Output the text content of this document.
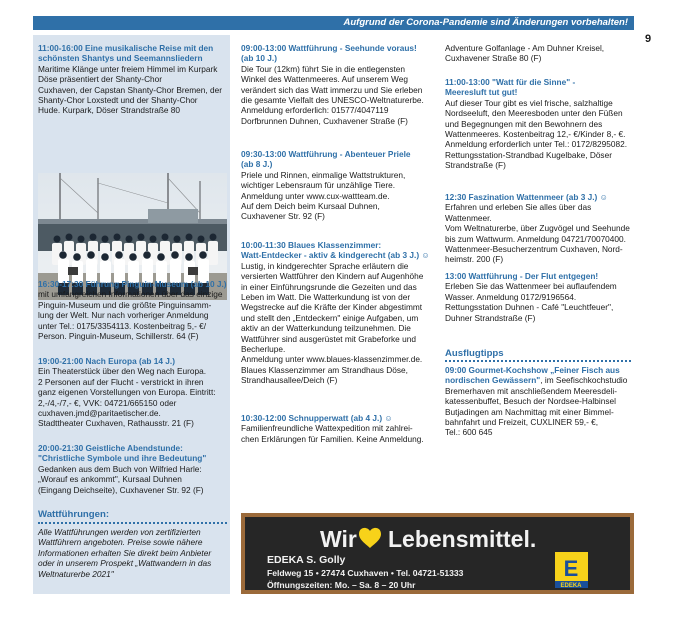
Aufgrund der Corona-Pandemie sind Änderungen vorbehalten!
9
11:00-16:00 Eine musikalische Reise mit den
schönsten Shantys und Seemannsliedern
Maritime Klänge unter freiem Himmel im Kurpark
Döse präsentiert der Shanty-Chor
Cuxhaven, der Capstan Shanty-Chor Bremen, der
Shanty-Chor Loxstedt und der Shanty-Chor
Hude. Kurpark, Döser Strandstraße 80
16:30-17:30 Führung Pinguin-Museum (ab 10 J.)
mit umfangreichen Informationen über das einzige
Pinguin-Museum und die größte Pinguinsamm-
lung der Welt. Nur nach vorheriger Anmeldung
unter Tel.: 0175/3354113. Kostenbeitrag 5,- €/
Person. Pinguin-Museum, Schillerstr. 64 (F)
19:00-21:00 Nach Europa (ab 14 J.)
Ein Theaterstück über den Weg nach Europa.
2 Personen auf der Flucht - verstrickt in ihren
ganz eigenen Vorstellungen von Europa. Eintritt:
2,-/4,-/7,- €, VVK: 04721/665150 oder
cuxhaven.jmd@paritaetischer.de.
Stadttheater Cuxhaven, Rathausstr. 21 (F)
20:00-21:30 Geistliche Abendstunde:
"Christliche Symbole und ihre Bedeutung"
Gedanken aus dem Buch von Wilfried Harle:
„Worauf es ankommt", Kursaal Duhnen
(Eingang Deichseite), Cuxhavener Str. 92 (F)
Wattführungen:
Alle Wattführungen werden von zertifizierten
Wattführern angeboten. Preise sowie nähere
Informationen erhalten Sie direkt beim Anbieter
oder in unserem Prospekt „Wattwandern in das
Weltnaturerbe 2021"
09:00-13:00 Wattführung - Seehunde voraus!
(ab 10 J.)
Die Tour (12km) führt Sie in die entlegensten
Winkel des Wattenmeeres. Auf unserem Weg
verändert sich das Watt immerzu und Sie erleben
die gesamte Vielfalt des UNESCO-Weltnaturerbe.
Anmeldung erforderlich: 01577/4047119
Dorfbrunnen Duhnen, Cuxhavener Straße (F)
09:30-13:00 Wattführung - Abenteuer Priele
(ab 8 J.)
Priele und Rinnen, einmalige Wattstrukturen,
wichtiger Lebensraum für unzählige Tiere.
Anmeldung unter www.cux-wattteam.de.
Auf dem Deich beim Kursaal Duhnen,
Cuxhavener Str. 92 (F)
10:00-11:30 Blaues Klassenzimmer:
Watt-Entdecker - aktiv & kindgerecht (ab 3 J.) ☺
Lustig, in kindgerechter Sprache erläutern die
versierten Wattführer den Kindern auf Augenhöhe
in einer Einführungsrunde die Gezeiten und das
Leben im Watt. Die Watterkundung ist von der
Wegstrecke auf die Kräfte der Kinder abgestimmt
und stellt den „Entdeckern" einige Aufgaben, um
aktiv an der Watterkundung teilzunehmen. Die
Wattführer sind ausgerüstet mit Grabeforke und
Becherlupe.
Anmeldung unter www.blaues-klassenzimmer.de.
Blaues Klassenzimmer am Strandhaus Döse,
Strandhausallee/Deich (F)
10:30-12:00 Schnupperwatt (ab 4 J.) ☺
Familienfreundliche Wattexpedition mit zahlrei-
chen Erklärungen für Familien. Keine Anmeldung.
Adventure Golfanlage - Am Duhner Kreisel,
Cuxhavener Straße 80 (F)
11:00-13:00 "Watt für die Sinne" -
Meeresluft tut gut!
Auf dieser Tour gibt es viel frische, salzhaltige
Nordseeluft, den Meeresboden unter den Füßen
und Begegnungen mit den Bewohnern des
Wattenmeeres. Kostenbeitrag 12,- €/Kinder 8,- €.
Anmeldung erforderlich unter Tel.: 0172/8295082.
Rettungsstation-Strandbad Kugelbake, Döser
Strandstraße (F)
12:30 Faszination Wattenmeer (ab 3 J.) ☺
Erfahren und erleben Sie alles über das Wattenmeer.
Vom Weltnaturerbe, über Zugvögel und Seehunde
bis zum Wattwurm. Anmeldung 04721/70070400.
Wattenmeer-Besucherzentrum Cuxhaven, Nord-
heimstr. 200 (F)
13:00 Wattführung - Der Flut entgegen!
Erleben Sie das Wattenmeer bei auflaufendem
Wasser. Anmeldung 0172/9196564.
Rettungsstation Duhnen - Café "Leuchtfeuer",
Duhner Strandstraße (F)
Ausflugtipps
09:00 Gourmet-Kochshow „Feiner Fisch aus
nordischen Gewässern", im Seefischkochstudio
Bremerhaven mit anschließendem Meeresdeli-
katessenbuffet, Besuch der Nordsee-Halbinsel
Butjadingen am Nachmittag mit einer Bimmel-
bahnfahrt und Freizeit, CUXLINER 59,- €,
Tel.: 600 645
Wir Lebensmittel.
EDEKA S. Golly
Feldweg 15 • 27474 Cuxhaven • Tel. 04721-51333
Öffnungszeiten: Mo. – Sa. 8 – 20 Uhr
E
EDEKA
